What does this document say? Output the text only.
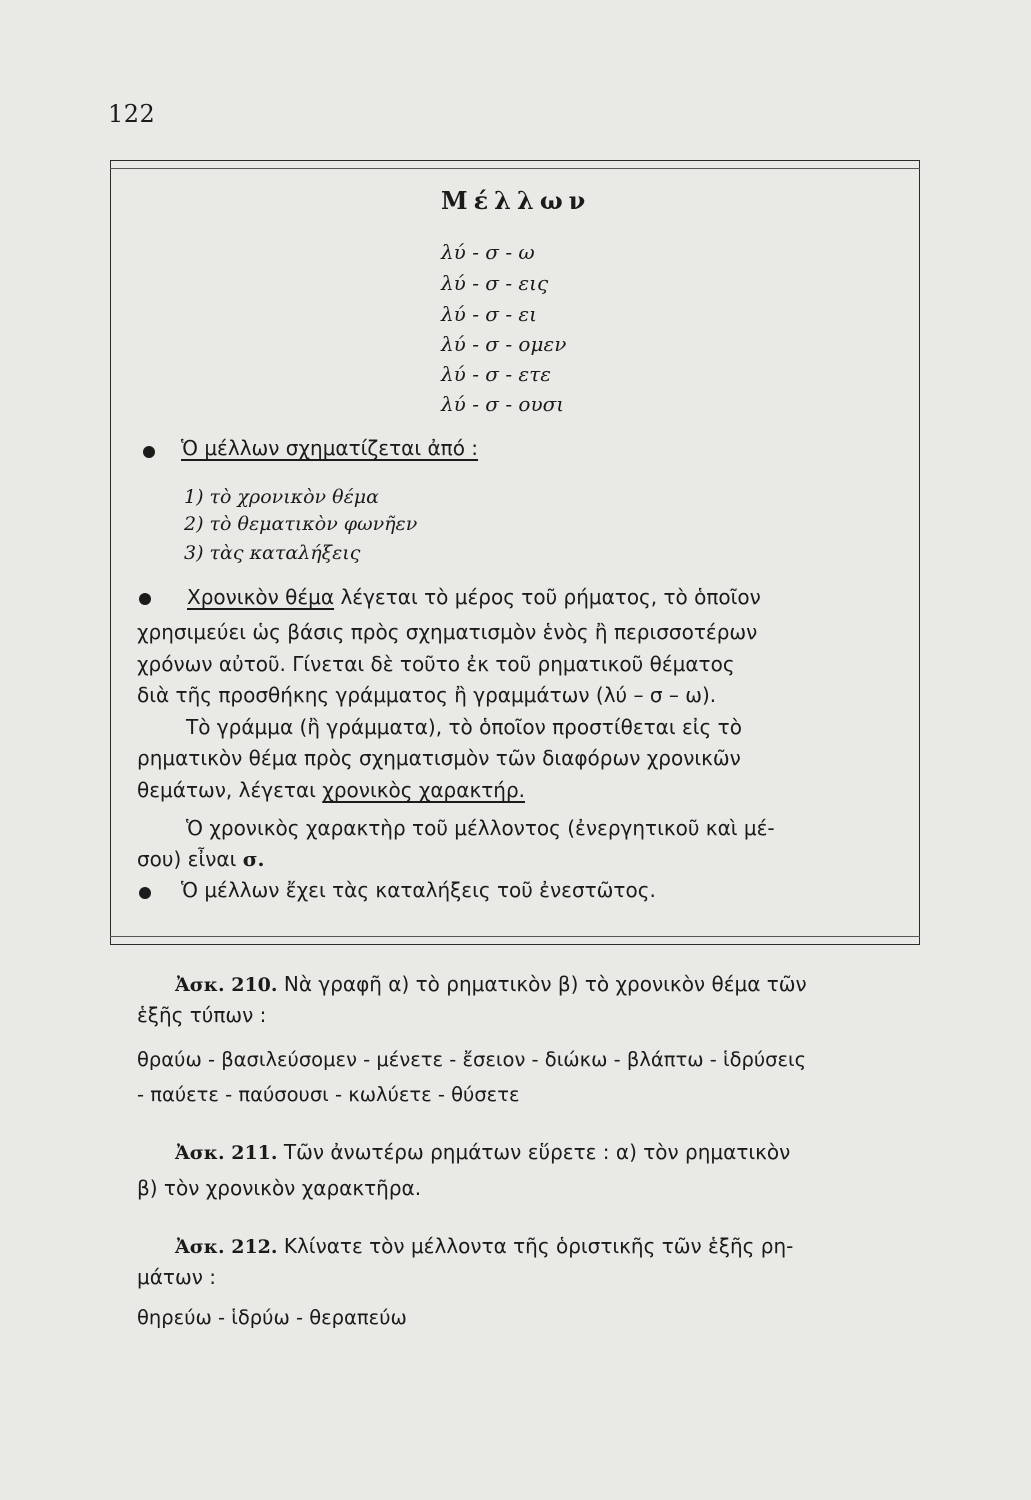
122
Μέλλων
λύ - σ - ω
λύ - σ - εις
λύ - σ - ει
λύ - σ - ομεν
λύ - σ - ετε
λύ - σ - ουσι
Ὁ μέλλων σχηματίζεται ἀπό :
1) τὸ χρονικὸν θέμα
2) τὸ θεματικὸν φωνῆεν
3) τὰς καταλήξεις
Χρονικὸν θέμα λέγεται τὸ μέρος τοῦ ρήματος, τὸ ὁποῖον
χρησιμεύει ὡς βάσις πρὸς σχηματισμὸν ἑνὸς ἢ περισσοτέρων
χρόνων αὐτοῦ. Γίνεται δὲ τοῦτο ἐκ τοῦ ρηματικοῦ θέματος
διὰ τῆς προσθήκης γράμματος ἢ γραμμάτων (λύ – σ – ω).
Τὸ γράμμα (ἢ γράμματα), τὸ ὁποῖον προστίθεται εἰς τὸ
ρηματικὸν θέμα πρὸς σχηματισμὸν τῶν διαφόρων χρονικῶν
θεμάτων, λέγεται χρονικὸς χαρακτήρ.
Ὁ χρονικὸς χαρακτὴρ τοῦ μέλλοντος (ἐνεργητικοῦ καὶ μέ-
σου) εἶναι σ.
Ὁ μέλλων ἔχει τὰς καταλήξεις τοῦ ἐνεστῶτος.
Ἀσκ. 210. Νὰ γραφῆ α) τὸ ρηματικὸν β) τὸ χρονικὸν θέμα τῶν
ἑξῆς τύπων :
θραύω - βασιλεύσομεν - μένετε - ἔσειον - διώκω - βλάπτω - ἱδρύσεις
- παύετε - παύσουσι - κωλύετε - θύσετε
Ἀσκ. 211. Τῶν ἀνωτέρω ρημάτων εὕρετε : α) τὸν ρηματικὸν
β) τὸν χρονικὸν χαρακτῆρα.
Ἀσκ. 212. Κλίνατε τὸν μέλλοντα τῆς ὁριστικῆς τῶν ἑξῆς ρη-
μάτων :
θηρεύω - ἱδρύω - θεραπεύω
